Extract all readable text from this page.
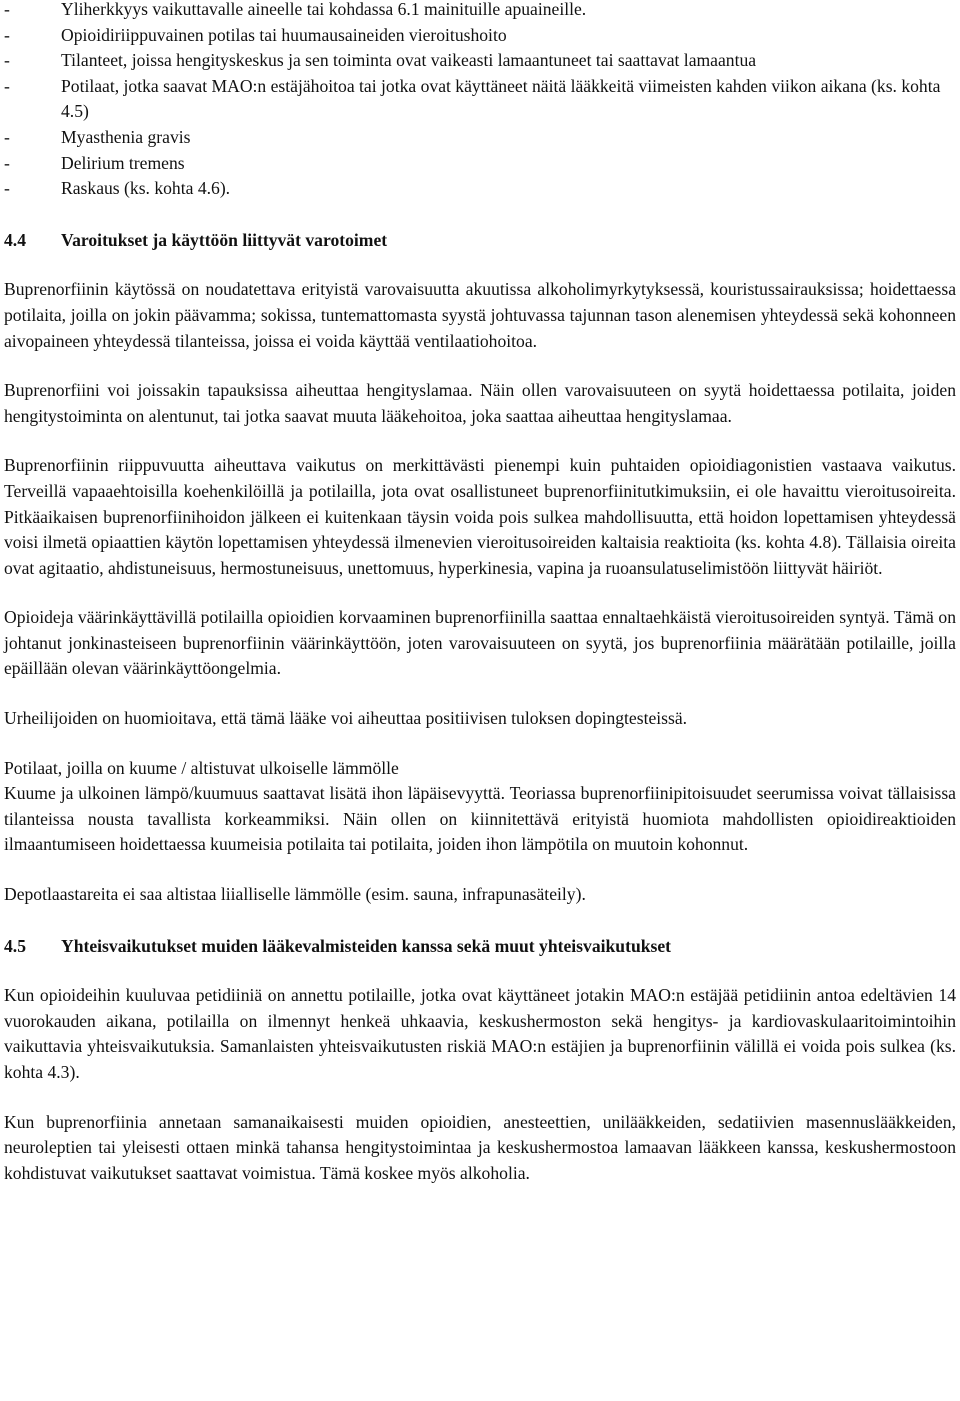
-	Yliherkkyys vaikuttavalle aineelle tai kohdassa 6.1 mainituille apuaineille.
-	Opioidiriippuvainen potilas tai huumausaineiden vieroitushoito
-	Tilanteet, joissa hengityskeskus ja sen toiminta ovat vaikeasti lamaantuneet tai saattavat lamaantua
-	Potilaat, jotka saavat MAO:n estäjähoitoa tai jotka ovat käyttäneet näitä lääkkeitä viimeisten kahden viikon aikana (ks. kohta 4.5)
-	Myasthenia gravis
-	Delirium tremens
-	Raskaus (ks. kohta 4.6).
4.4	Varoitukset ja käyttöön liittyvät varotoimet

Buprenorfiinin käytössä on noudatettava erityistä varovaisuutta akuutissa alkoholimyrkytyksessä, kouristussairauksissa; hoidettaessa potilaita, joilla on jokin päävamma; sokissa, tuntemattomasta syystä johtuvassa tajunnan tason alenemisen yhteydessä sekä kohonneen aivopaineen yhteydessä tilanteissa, joissa ei voida käyttää ventilaatiohoitoa.

Buprenorfiini voi joissakin tapauksissa aiheuttaa hengityslamaa. Näin ollen varovaisuuteen on syytä hoidettaessa potilaita, joiden hengitystoiminta on alentunut, tai jotka saavat muuta lääkehoitoa, joka saattaa aiheuttaa hengityslamaa.

Buprenorfiinin riippuvuutta aiheuttava vaikutus on merkittävästi pienempi kuin puhtaiden opioidiagonistien vastaava vaikutus. Terveillä vapaaehtoisilla koehenkilöillä ja potilailla, jota ovat osallistuneet buprenorfiinitutkimuksiin, ei ole havaittu vieroitusoireita. Pitkäaikaisen buprenorfiinihoidon jälkeen ei kuitenkaan täysin voida pois sulkea mahdollisuutta, että hoidon lopettamisen yhteydessä voisi ilmetä opiaattien käytön lopettamisen yhteydessä ilmenevien vieroitusoireiden kaltaisia reaktioita (ks. kohta 4.8). Tällaisia oireita ovat agitaatio, ahdistuneisuus, hermostuneisuus, unettomuus, hyperkinesia, vapina ja ruoansulatuselimistöön liittyvät häiriöt.

Opioideja väärinkäyttävillä potilailla opioidien korvaaminen buprenorfiinilla saattaa ennaltaehkäistä vieroitusoireiden syntyä. Tämä on johtanut jonkinasteiseen buprenorfiinin väärinkäyttöön, joten varovaisuuteen on syytä, jos buprenorfiinia määrätään potilaille, joilla epäillään olevan väärinkäyttöongelmia.

Urheilijoiden on huomioitava, että tämä lääke voi aiheuttaa positiivisen tuloksen dopingtesteissä.

Potilaat, joilla on kuume / altistuvat ulkoiselle lämmölle

Kuume ja ulkoinen lämpö/kuumuus saattavat lisätä ihon läpäisevyyttä. Teoriassa buprenorfiinipitoisuudet seerumissa voivat tällaisissa tilanteissa nousta tavallista korkeammiksi. Näin ollen on kiinnitettävä erityistä huomiota mahdollisten opioidireaktioiden ilmaantumiseen hoidettaessa kuumeisia potilaita tai potilaita, joiden ihon lämpötila on muutoin kohonnut.

Depotlaastareita ei saa altistaa liialliselle lämmölle (esim. sauna, infrapunasäteily).

4.5	Yhteisvaikutukset muiden lääkevalmisteiden kanssa sekä muut yhteisvaikutukset

Kun opioideihin kuuluvaa petidiiniä on annettu potilaille, jotka ovat käyttäneet jotakin MAO:n estäjää petidiinin antoa edeltävien 14 vuorokauden aikana, potilailla on ilmennyt henkeä uhkaavia, keskushermoston sekä hengitys- ja kardiovaskulaaritoimintoihin vaikuttavia yhteisvaikutuksia. Samanlaisten yhteisvaikutusten riskiä MAO:n estäjien ja buprenorfiinin välillä ei voida pois sulkea (ks. kohta 4.3).

Kun buprenorfiinia annetaan samanaikaisesti muiden opioidien, anesteettien, unilääkkeiden, sedatiivien masennuslääkkeiden, neuroleptien tai yleisesti ottaen minkä tahansa hengitystoimintaa ja keskushermostoa lamaavan lääkkeen kanssa, keskushermostoon kohdistuvat vaikutukset saattavat voimistua. Tämä koskee myös alkoholia.
